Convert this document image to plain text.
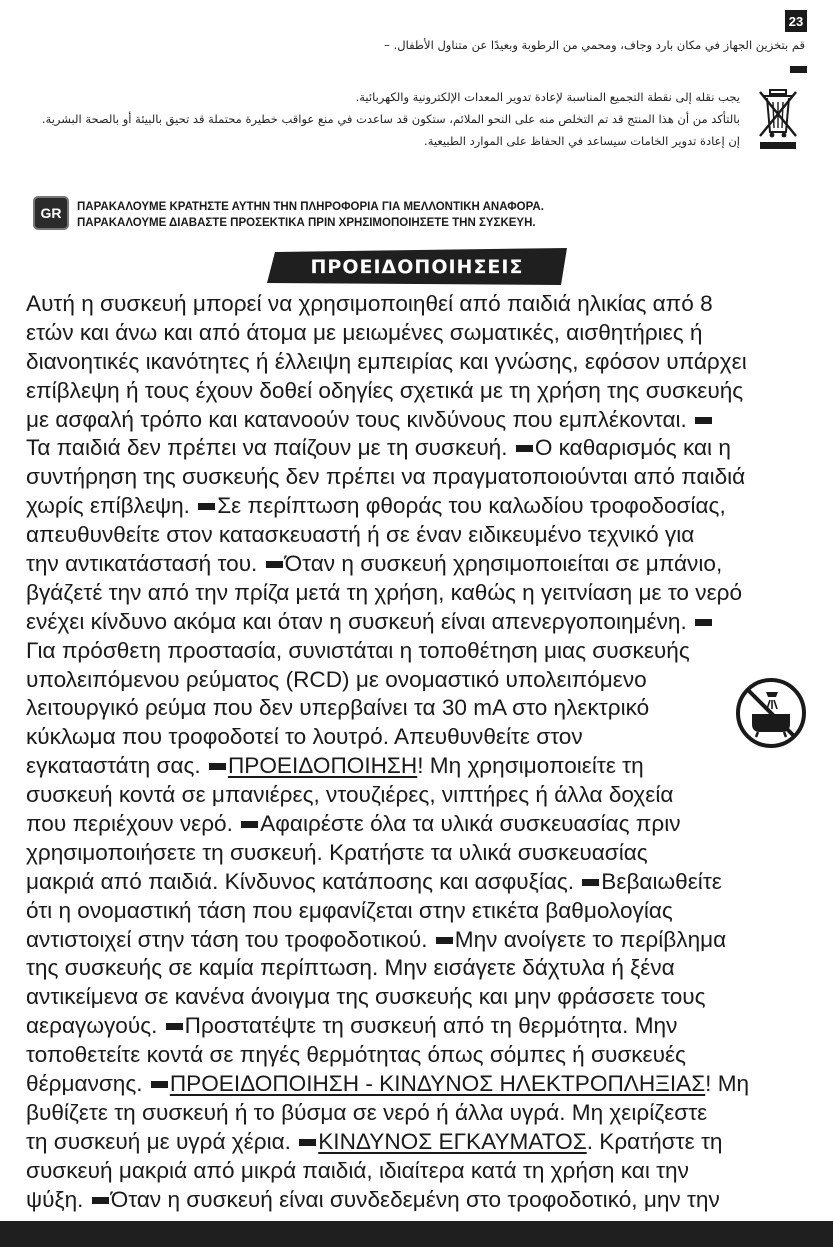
23
قم بتخزين الجهاز في مكان بارد وجاف، ومحمي من الرطوبة وبعيدًا عن متناول الأطفال. –

يجب نقله إلى نقطة التجميع المناسبة لإعادة تدوير المعدات الإلكترونية والكهربائية.

بالتأكد من أن هذا المنتج قد تم التخلص منه على النحو الملائم، ستكون قد ساعدت في منع عواقب خطيرة محتملة قد تحيق بالبيئة أو بالصحة البشرية.

إن إعادة تدوير الخامات سيساعد في الحفاظ على الموارد الطبيعية.

GR	ΠΑΡΑΚΑΛΟΥΜΕ ΚΡΑΤΗΣΤΕ ΑΥΤΗΝ ΤΗΝ ΠΛΗΡΟΦΟΡΙΑ ΓΙΑ ΜΕΛΛΟΝΤΙΚΗ ΑΝΑΦΟΡΑ.
ΠΑΡΑΚΑΛΟΥΜΕ ΔΙΑΒΑΣΤΕ ΠΡΟΣΕΚΤΙΚΑ ΠΡΙΝ ΧΡΗΣΙΜΟΠΟΙΗΣΕΤΕ ΤΗΝ ΣΥΣΚΕΥΗ.
ΠΡΟΕΙΔΟΠΟΙΗΣΕΙΣ
Αυτή η συσκευή μπορεί να χρησιμοποιηθεί από παιδιά ηλικίας από 8
ετών και άνω και από άτομα με μειωμένες σωματικές, αισθητήριες ή
διανοητικές ικανότητες ή έλλειψη εμπειρίας και γνώσης, εφόσον υπάρχει
επίβλεψη ή τους έχουν δοθεί οδηγίες σχετικά με τη χρήση της συσκευής
με ασφαλή τρόπο και κατανοούν τους κινδύνους που εμπλέκονται.
Τα παιδιά δεν πρέπει να παίζουν με τη συσκευή. Ο καθαρισμός και η
συντήρηση της συσκευής δεν πρέπει να πραγματοποιούνται από παιδιά
χωρίς επίβλεψη. Σε περίπτωση φθοράς του καλωδίου τροφοδοσίας,
απευθυνθείτε στον κατασκευαστή ή σε έναν ειδικευμένο τεχνικό για
την αντικατάστασή του. Όταν η συσκευή χρησιμοποιείται σε μπάνιο,
βγάζετέ την από την πρίζα μετά τη χρήση, καθώς η γειτνίαση με το νερό
ενέχει κίνδυνο ακόμα και όταν η συσκευή είναι απενεργοποιημένη.
Για πρόσθετη προστασία, συνιστάται η τοποθέτηση μιας συσκευής
υπολειπόμενου ρεύματος (RCD) με ονομαστικό υπολειπόμενο
λειτουργικό ρεύμα που δεν υπερβαίνει τα 30 mA στο ηλεκτρικό
κύκλωμα που τροφοδοτεί το λουτρό. Απευθυνθείτε στον
εγκαταστάτη σας. ΠΡΟΕΙΔΟΠΟΙΗΣΗ! Μη χρησιμοποιείτε τη
συσκευή κοντά σε μπανιέρες, ντουζιέρες, νιπτήρες ή άλλα δοχεία
που περιέχουν νερό. Αφαιρέστε όλα τα υλικά συσκευασίας πριν
χρησιμοποιήσετε τη συσκευή. Κρατήστε τα υλικά συσκευασίας
μακριά από παιδιά. Κίνδυνος κατάποσης και ασφυξίας. Βεβαιωθείτε
ότι η ονομαστική τάση που εμφανίζεται στην ετικέτα βαθμολογίας
αντιστοιχεί στην τάση του τροφοδοτικού. Μην ανοίγετε το περίβλημα
της συσκευής σε καμία περίπτωση. Μην εισάγετε δάχτυλα ή ξένα
αντικείμενα σε κανένα άνοιγμα της συσκευής και μην φράσσετε τους
αεραγωγούς. Προστατέψτε τη συσκευή από τη θερμότητα. Μην
τοποθετείτε κοντά σε πηγές θερμότητας όπως σόμπες ή συσκευές
θέρμανσης. ΠΡΟΕΙΔΟΠΟΙΗΣΗ - ΚΙΝΔΥΝΟΣ ΗΛΕΚΤΡΟΠΛΗΞΙΑΣ! Μη
βυθίζετε τη συσκευή ή το βύσμα σε νερό ή άλλα υγρά. Μη χειρίζεστε
τη συσκευή με υγρά χέρια. ΚΙΝΔΥΝΟΣ ΕΓΚΑΥΜΑΤΟΣ. Κρατήστε τη
συσκευή μακριά από μικρά παιδιά, ιδιαίτερα κατά τη χρήση και την
ψύξη. Όταν η συσκευή είναι συνδεδεμένη στο τροφοδοτικό, μην την
